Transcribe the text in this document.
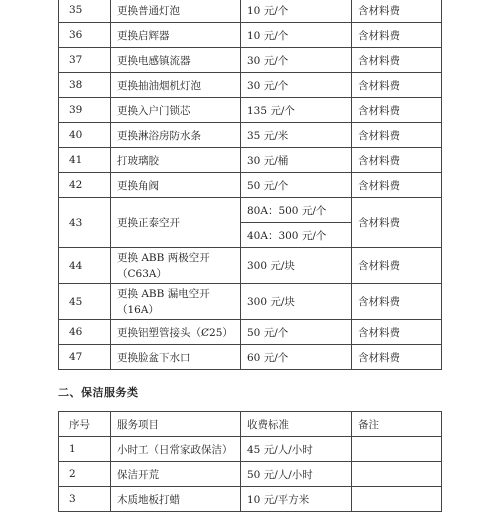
35	更换普通灯泡	10 元/个	含材料费
36	更换启辉器	10 元/个	含材料费
37	更换电感镇流器	30 元/个	含材料费
38	更换抽油烟机灯泡	30 元/个	含材料费
39	更换入户门锁芯	135 元/个	含材料费
40	更换淋浴房防水条	35 元/米	含材料费
41	打玻璃胶	30 元/桶	含材料费
42	更换角阀	50 元/个	含材料费
43	更换正泰空开	80A：500 元/个	含材料费
		40A：300 元/个	
44	更换 ABB 两极空开（C63A）	300 元/块	含材料费
45	更换 ABB 漏电空开（16A）	300 元/块	含材料费
46	更换铝塑管接头（Ȼ25）	50 元/个	含材料费
47	更换脸盆下水口	60 元/个	含材料费
二、保洁服务类
序号	服务项目	收费标准	备注
1	小时工（日常家政保洁）	45 元/人/小时	
2	保洁开荒	50 元/人/小时	
3	木质地板打蜡	10 元/平方米	
